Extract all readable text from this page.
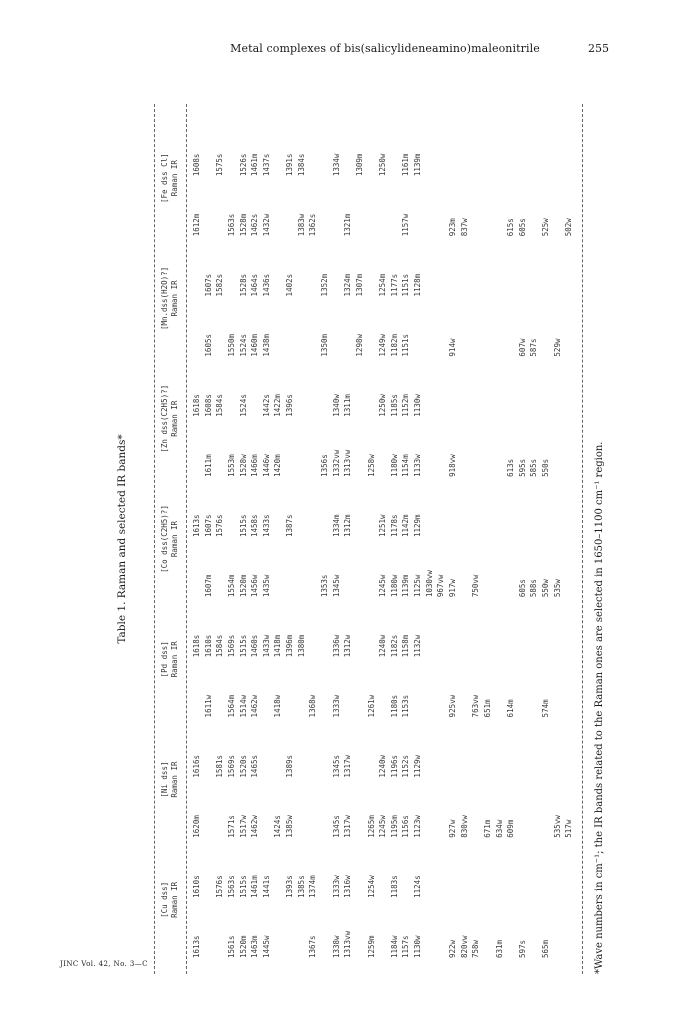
Metal complexes of bis(salicylideneamino)maleonitrile	255
Table 1. Raman and selected IR bands*	*Wave numbers in cm⁻¹; the IR bands related to the Raman ones are selected in 1650–1100 cm⁻¹ region.
[Cu dss] Raman IR
[Ni dss] Raman IR
[Pd dss] Raman IR
[Co dss(C2H5)?] Raman IR
[Zn dss(C2H5)?] Raman IR
[Mn.dss(H2O)?] Raman IR
[Fe dss Cl] Raman IR
1613s
1610s
1620m
1616s
1618s
1613s
1618s
1612m
1608s
1611w
1610s
1607m
1607s
1611m
1608s
1605s
1607s
1576s
1581s
1584s
1576s
1584s
1582s
1575s
1561s
1563s
1571s
1569s
1564m
1569s
1554m
1553m
1550m
1563s
1520m
1515s
1517w
1520s
1514w
1515s
1520m
1515s
1528w
1524s
1524s
1528s
1528m
1526s
1463m
1461m
1462w
1465s
1462w
1460s
1456w
1458s
1466m
1460m
1464s
1462s
1461m
1445w
1441s
1433w
1435w
1433s
1446w
1442s
1438m
1436s
1432w
1437s
1424s
1418w
1418m
1420m
1422m
1393s
1385w
1389s
1396m
1387s
1396s
1402s
1391s
1385s
1380m
1383w
1384s
1367s
1374m
1368w
1362s
1353s
1356s
1350m
1352m
1338w
1333w
1345s
1345s
1333w
1336w
1345w
1334m
1332vw
1340w
1334w
1313vw
1316w
1317w
1317w
1312w
1312m
1313vw
1311m
1324m
1321m
1298w
1307m
1309m
1259m
1254w
1265m
1261w
1258w
1245w
1240w
1240w
1245w
1251w
1250w
1249w
1254m
1250w
1184w
1183s
1195m
1196s
1180s
1182s
1180w
1178s
1180w
1185s
1182m
1177s
1157s
1156s
1152s
1153s
1158m
1139m
1142m
1154m
1152m
1151s
1151s
1157w
1161m
1130w
1124s
1123w
1129w
1132w
1125w
1129m
1133w
1130w
1128m
1139m
1030vw 967vw
922w
927w
925vw
917w
918vw
914w
923m
820vw
830vw
837w
758w
763vw
750vw
671m
651m
631m
634w 609m
614m
613s
615s
597s
605s
595s
607w
605s
588s
585s
587s
565m
574m
550w
550s
525w
535vw
535w
529w
517w
502w
JINC Vol. 42, No. 3—C
